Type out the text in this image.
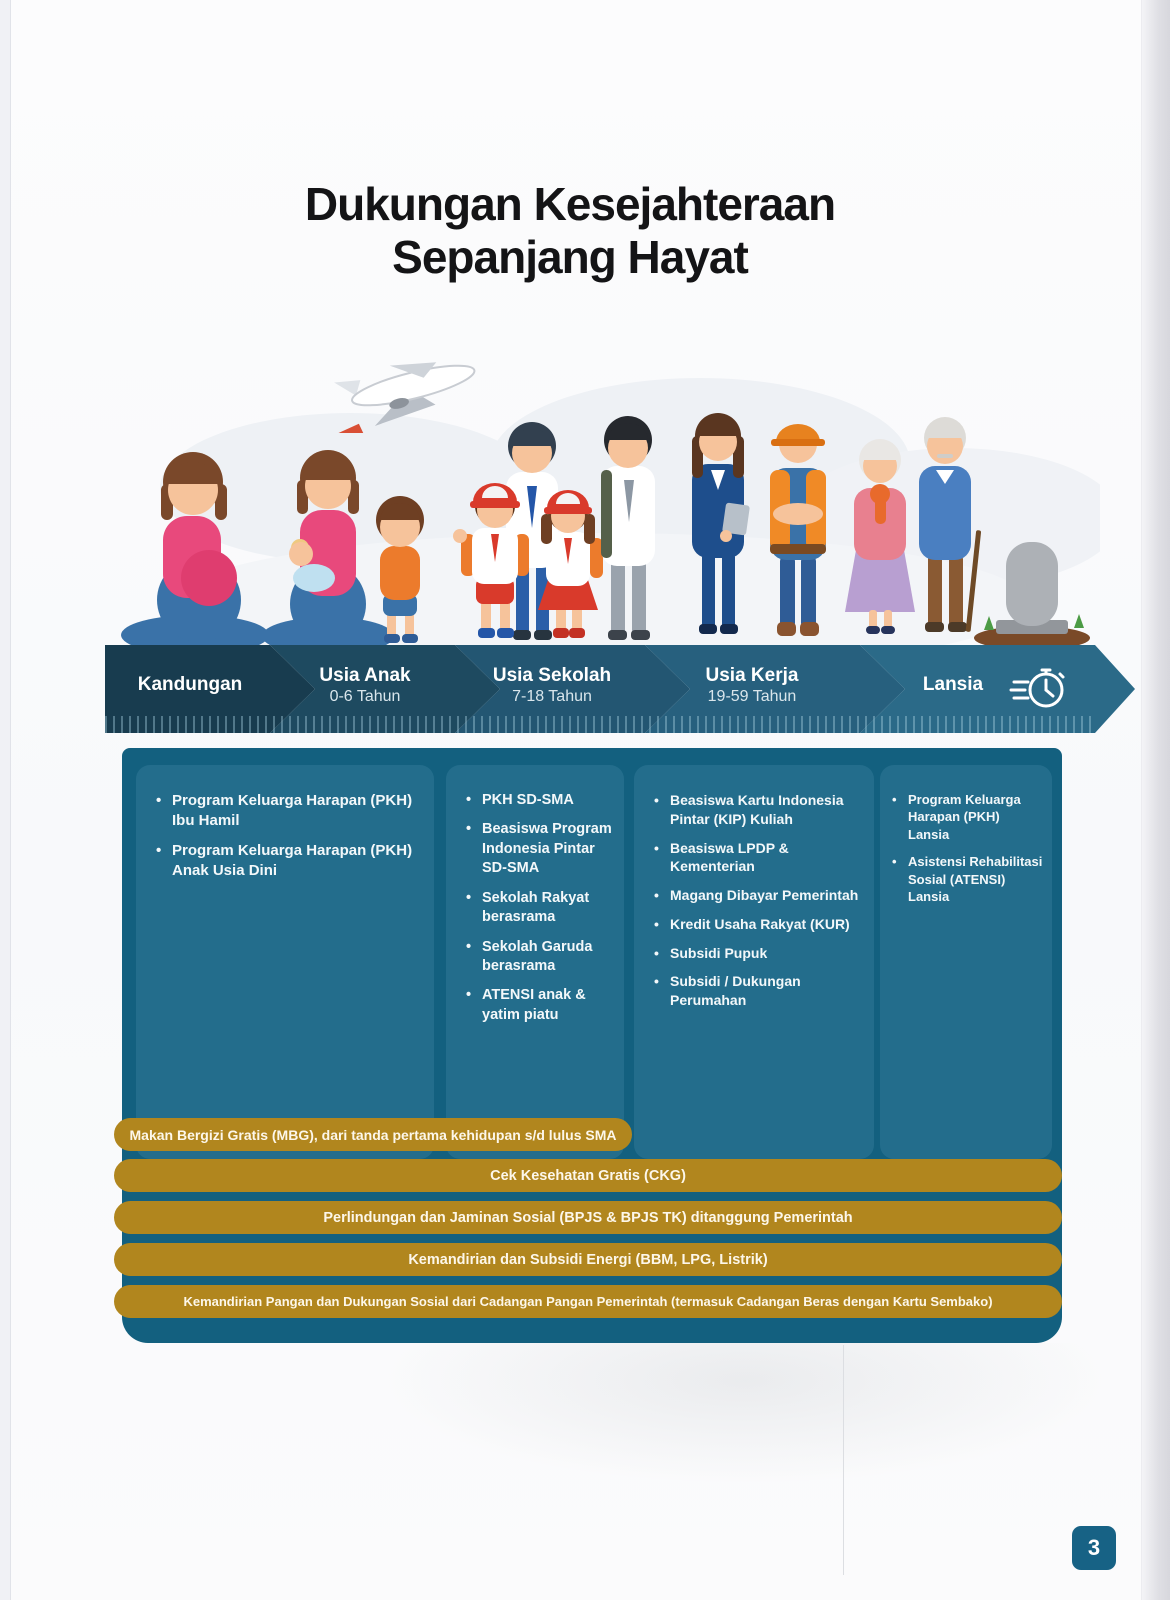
Dukungan Kesejahteraan
Sepanjang Hayat
Kandungan	Usia Anak
0-6 Tahun
Usia Sekolah
7-18 Tahun
Usia Kerja
19-59 Tahun
Lansia
• Program Keluarga Harapan (PKH) Ibu Hamil
• Program Keluarga Harapan (PKH) Anak Usia Dini
• PKH SD-SMA
• Beasiswa Program Indonesia Pintar SD-SMA
• Sekolah Rakyat berasrama
• Sekolah Garuda berasrama
• ATENSI anak & yatim piatu
• Beasiswa Kartu Indonesia Pintar (KIP) Kuliah
• Beasiswa LPDP & Kementerian
• Magang Dibayar Pemerintah
• Kredit Usaha Rakyat (KUR)
• Subsidi Pupuk
• Subsidi / Dukungan Perumahan
• Program Keluarga Harapan (PKH) Lansia
• Asistensi Rehabilitasi Sosial (ATENSI) Lansia
Makan Bergizi Gratis (MBG), dari tanda pertama kehidupan s/d lulus SMA
Cek Kesehatan Gratis (CKG)
Perlindungan dan Jaminan Sosial (BPJS & BPJS TK) ditanggung Pemerintah
Kemandirian dan Subsidi Energi (BBM, LPG, Listrik)
Kemandirian Pangan dan Dukungan Sosial dari Cadangan Pangan Pemerintah (termasuk Cadangan Beras dengan Kartu Sembako)
3
